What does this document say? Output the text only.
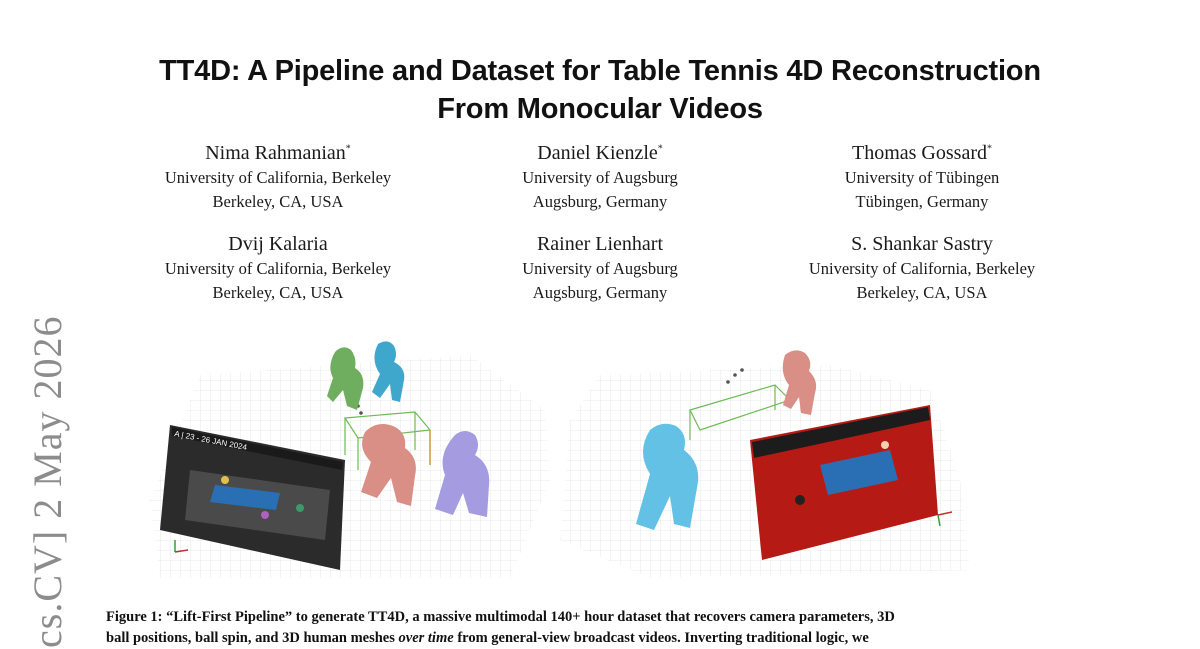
TT4D: A Pipeline and Dataset for Table Tennis 4D Reconstruction
From Monocular Videos
Nima Rahmanian*
University of California, Berkeley
Berkeley, CA, USA
Daniel Kienzle*
University of Augsburg
Augsburg, Germany
Thomas Gossard*
University of Tübingen
Tübingen, Germany
Dvij Kalaria
University of California, Berkeley
Berkeley, CA, USA
Rainer Lienhart
University of Augsburg
Augsburg, Germany
S. Shankar Sastry
University of California, Berkeley
Berkeley, CA, USA
cs.CV] 2 May 2026	A | 23 - 26 JAN 2024
Figure 1: “Lift-First Pipeline” to generate TT4D, a massive multimodal 140+ hour dataset that recovers camera parameters, 3D
ball positions, ball spin, and 3D human meshes over time from general-view broadcast videos. Inverting traditional logic, we
